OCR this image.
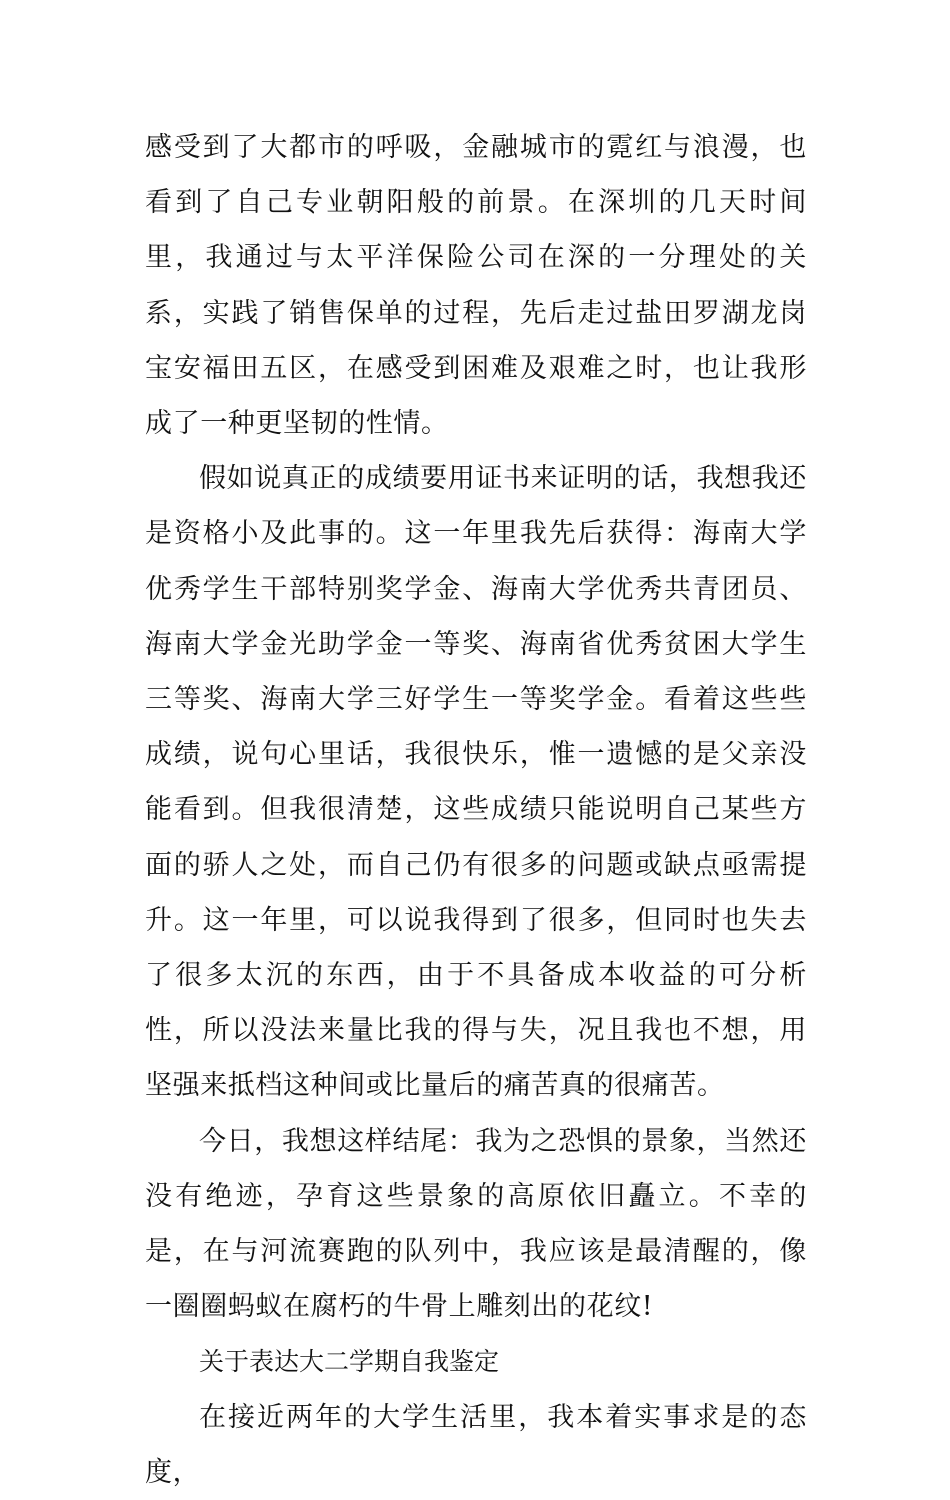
感受到了大都市的呼吸，金融城市的霓红与浪漫，也看到了自己专业朝阳般的前景。在深圳的几天时间里，我通过与太平洋保险公司在深的一分理处的关系，实践了销售保单的过程，先后走过盐田罗湖龙岗宝安福田五区，在感受到困难及艰难之时，也让我形成了一种更坚韧的性情。

假如说真正的成绩要用证书来证明的话，我想我还是资格小及此事的。这一年里我先后获得：海南大学优秀学生干部特别奖学金、海南大学优秀共青团员、海南大学金光助学金一等奖、海南省优秀贫困大学生三等奖、海南大学三好学生一等奖学金。看着这些些成绩，说句心里话，我很快乐，惟一遗憾的是父亲没能看到。但我很清楚，这些成绩只能说明自己某些方面的骄人之处，而自己仍有很多的问题或缺点亟需提升。这一年里，可以说我得到了很多，但同时也失去了很多太沉的东西，由于不具备成本收益的可分析性，所以没法来量比我的得与失，况且我也不想，用坚强来抵档这种间或比量后的痛苦真的很痛苦。

今日，我想这样结尾：我为之恐惧的景象，当然还没有绝迹，孕育这些景象的高原依旧矗立。不幸的是，在与河流赛跑的队列中，我应该是最清醒的，像一圈圈蚂蚁在腐朽的牛骨上雕刻出的花纹!

关于表达大二学期自我鉴定

在接近两年的大学生活里，我本着实事求是的态度，
